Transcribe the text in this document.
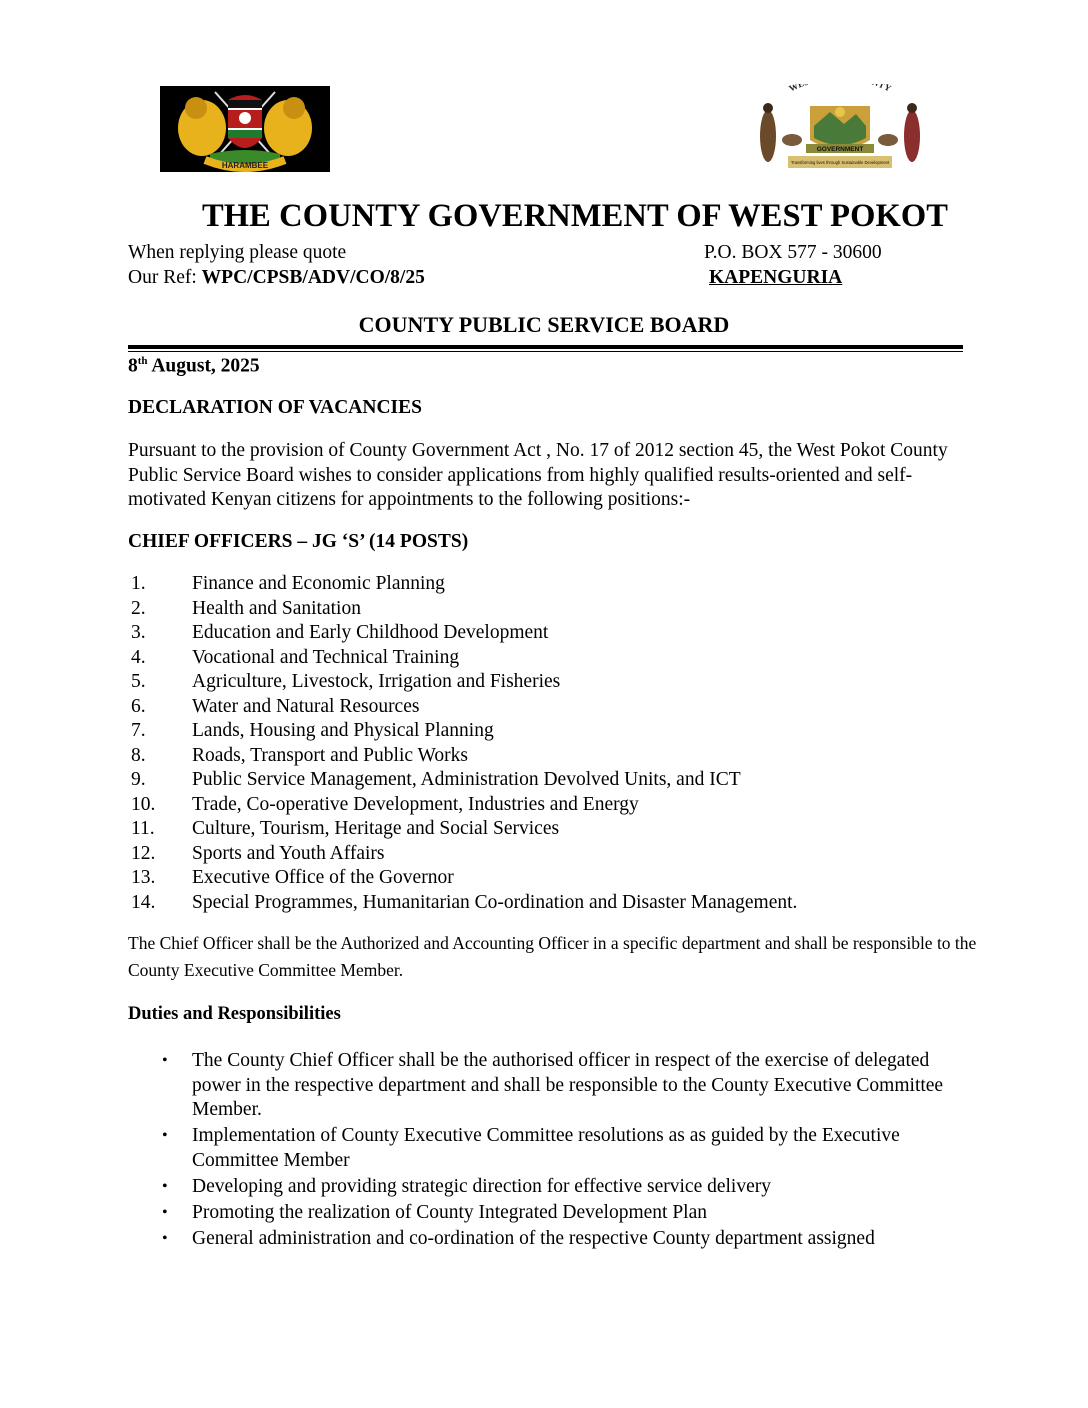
HARAMBEE
W TY
GOVERNMENT
Transforming lives through Sustainable Development
THE COUNTY GOVERNMENT OF WEST POKOT
When replying please quote	P.O. BOX 577 - 30600
Our Ref: WPC/CPSB/ADV/CO/8/25	KAPENGURIA
COUNTY PUBLIC SERVICE BOARD
8th August, 2025
DECLARATION OF VACANCIES
Pursuant to the provision of County Government Act , No. 17 of 2012 section 45, the West Pokot County Public Service Board wishes to consider applications from highly qualified results-oriented and self-motivated Kenyan citizens for appointments to the following positions:-
CHIEF OFFICERS – JG ‘S’ (14 POSTS)
1.	Finance and Economic Planning
2.	Health and Sanitation
3.	Education and Early Childhood Development
4.	Vocational and Technical Training
5.	Agriculture, Livestock, Irrigation and Fisheries
6.	Water and Natural Resources
7.	Lands, Housing and Physical Planning
8.	Roads, Transport and Public Works
9.	Public Service Management, Administration Devolved Units, and ICT
10.	Trade, Co-operative Development, Industries and Energy
11.	Culture, Tourism, Heritage and Social Services
12.	Sports and Youth Affairs
13.	Executive Office of the Governor
14.	Special Programmes, Humanitarian Co-ordination and Disaster Management.
The Chief Officer shall be the Authorized and Accounting Officer in a specific department and shall be responsible to the County Executive Committee Member.
Duties and Responsibilities
•	The County Chief Officer shall be the authorised officer in respect of the exercise of delegated power in the respective department and shall be responsible to the County Executive Committee Member.
•	Implementation of County Executive Committee resolutions as as guided by the Executive Committee Member
•	Developing and providing strategic direction for effective service delivery
•	Promoting the realization of County Integrated Development Plan
•	General administration and co-ordination of the respective County department assigned
